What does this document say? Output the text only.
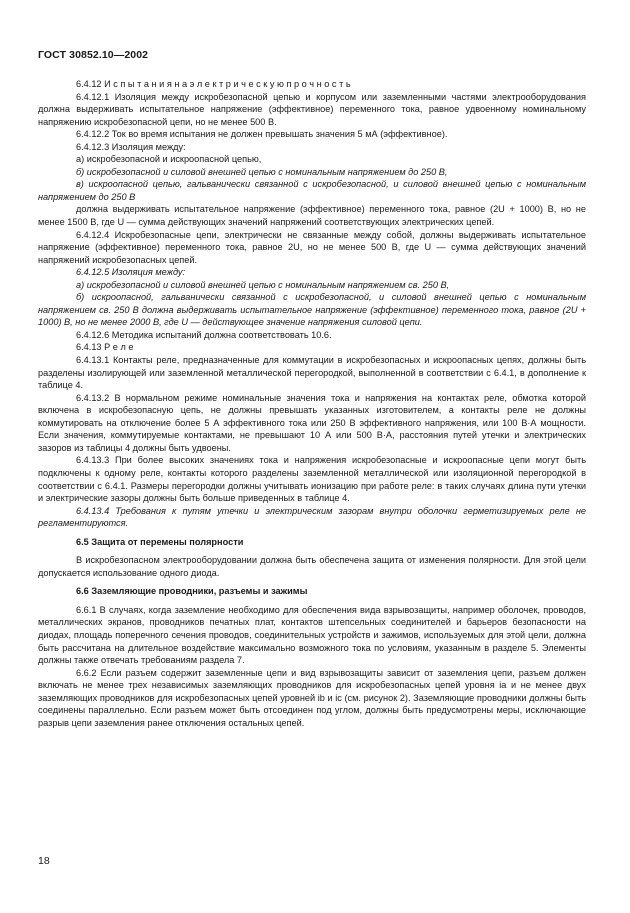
ГОСТ 30852.10—2002

6.4.12 И с п ы т а н и я н а э л е к т р и ч е с к у ю п р о ч н о с т ь

6.4.12.1 Изоляция между искробезопасной цепью и корпусом или заземленными частями электрооборудования должна выдерживать испытательное напряжение (эффективное) переменного тока, равное удвоенному номинальному напряжению искробезопасной цепи, но не менее 500 В.

6.4.12.2 Ток во время испытания не должен превышать значения 5 мА (эффективное).

6.4.12.3 Изоляция между:

а) искробезопасной и искроопасной цепью,

б) искробезопасной и силовой внешней цепью с номинальным напряжением до 250 В,

в) искроопасной цепью, гальванически связанной с искробезопасной, и силовой внешней цепью с номинальным напряжением до 250 В

должна выдерживать испытательное напряжение (эффективное) переменного тока, равное (2U + 1000) В, но не менее 1500 В, где U — сумма действующих значений напряжений соответствующих электрических цепей.

6.4.12.4 Искробезопасные цепи, электрически не связанные между собой, должны выдерживать испытательное напряжение (эффективное) переменного тока, равное 2U, но не менее 500 В, где U — сумма действующих значений напряжений искробезопасных цепей.

6.4.12.5 Изоляция между:

а) искробезопасной и силовой внешней цепью с номинальным напряжением св. 250 В,

б) искроопасной, гальванически связанной с искробезопасной, и силовой внешней цепью с номинальным напряжением св. 250 В должна выдерживать испытательное напряжение (эффективное) переменного тока, равное (2U + 1000) В, но не менее 2000 В, где U — действующее значение напряжения силовой цепи.

6.4.12.6 Методика испытаний должна соответствовать 10.6.

6.4.13 Р е л е

6.4.13.1 Контакты реле, предназначенные для коммутации в искробезопасных и искроопасных цепях, должны быть разделены изолирующей или заземленной металлической перегородкой, выполненной в соответствии с 6.4.1, в дополнение к таблице 4.

6.4.13.2 В нормальном режиме номинальные значения тока и напряжения на контактах реле, обмотка которой включена в искробезопасную цепь, не должны превышать указанных изготовителем, а контакты реле не должны коммутировать на отключение более 5 А эффективного тока или 250 В эффективного напряжения, или 100 В·А мощности. Если значения, коммутируемые контактами, не превышают 10 А или 500 В·А, расстояния путей утечки и электрических зазоров из таблицы 4 должны быть удвоены.

6.4.13.3 При более высоких значениях тока и напряжения искробезопасные и искроопасные цепи могут быть подключены к одному реле, контакты которого разделены заземленной металлической или изоляционной перегородкой в соответствии с 6.4.1. Размеры перегородки должны учитывать ионизацию при работе реле: в таких случаях длина пути утечки и электрические зазоры должны быть больше приведенных в таблице 4.

6.4.13.4 Требования к путям утечки и электрическим зазорам внутри оболочки герметизируемых реле не регламентируются.

6.5 Защита от перемены полярности

В искробезопасном электрооборудовании должна быть обеспечена защита от изменения полярности. Для этой цели допускается использование одного диода.

6.6 Заземляющие проводники, разъемы и зажимы

6.6.1 В случаях, когда заземление необходимо для обеспечения вида взрывозащиты, например оболочек, проводов, металлических экранов, проводников печатных плат, контактов штепсельных соединителей и барьеров безопасности на диодах, площадь поперечного сечения проводов, соединительных устройств и зажимов, используемых для этой цели, должна быть рассчитана на длительное воздействие максимально возможного тока по условиям, указанным в разделе 5. Элементы должны также отвечать требованиям раздела 7.

6.6.2 Если разъем содержит заземленные цепи и вид взрывозащиты зависит от заземления цепи, разъем должен включать не менее трех независимых заземляющих проводников для искробезопасных цепей уровня ia и не менее двух заземляющих проводников для искробезопасных цепей уровней ib и ic (см. рисунок 2). Заземляющие проводники должны быть соединены параллельно. Если разъем может быть отсоединен под углом, должны быть предусмотрены меры, исключающие разрыв цепи заземления ранее отключения остальных цепей.

18
